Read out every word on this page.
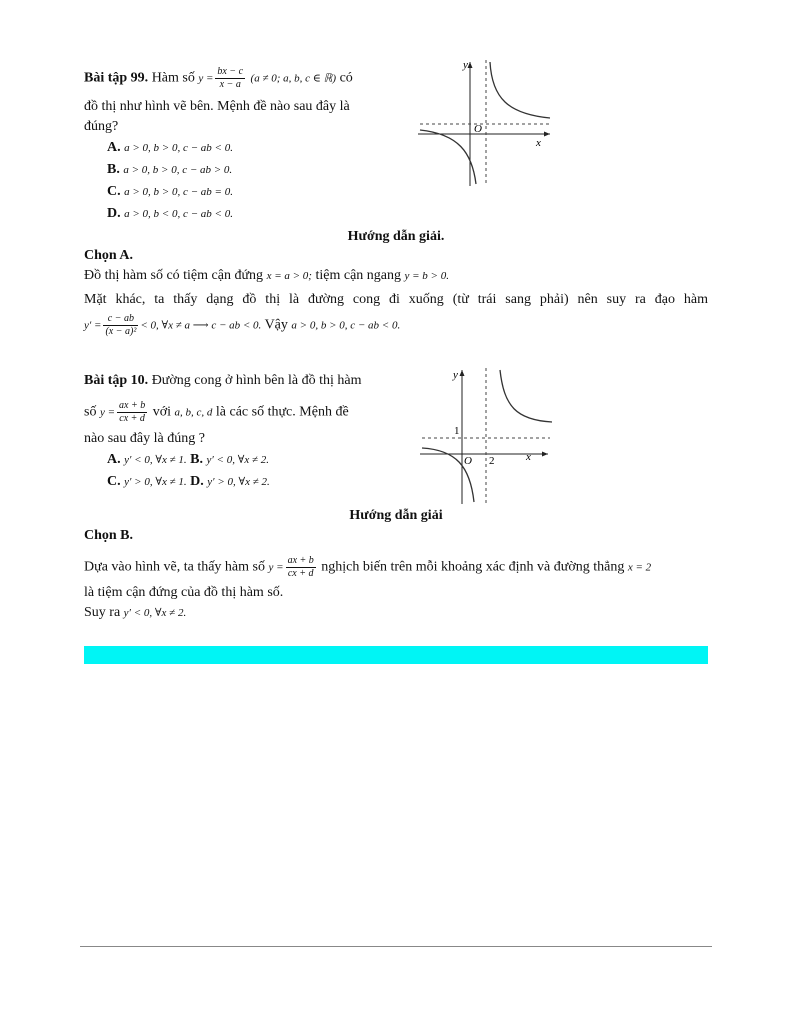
Bài tập 99. Hàm số $y = \frac{bx - c}{x - a} (a \ne 0$; a, b, c ∈ ℝ) có
đồ thị như hình vẽ bên. Mệnh đề nào sau đây là
đúng?
A. a > 0, b > 0, c − ab < 0.
B. a > 0, b > 0, c − ab > 0.
C. a > 0, b > 0, c − ab = 0.
D. a > 0, b < 0, c − ab < 0.
y
x
O
Hướng dẫn giải.
Chọn A.
Đồ thị hàm số có tiệm cận đứng x = a > 0; tiệm cận ngang y = b > 0.
Mặt khác, ta thấy dạng đồ thị là đường cong đi xuống (từ trái sang phải) nên suy ra đạo hàm
$y' = \frac{c - ab}{\text{(x − a)²}} < 0$, ∀x ≠ a ⟶ c − ab < 0. Vậy a > 0, b > 0, c − ab < 0.
Bài tập 10. Đường cong ở hình bên là đồ thị hàm
số $y = \frac{ax + b}{cx + d}$ với a, b, c, d là các số thực. Mệnh đề
nào sau đây là đúng ?
A. y′ < 0, ∀x ≠ 1. B. y′ < 0, ∀x ≠ 2.
C. y′ > 0, ∀x ≠ 1. D. y′ > 0, ∀x ≠ 2.
y
x
O
1
2
Hướng dẫn giải
Chọn B.
Dựa vào hình vẽ, ta thấy hàm số $y = \frac{ax + b}{cx + d}$ nghịch biến trên mỗi khoảng xác định và đường thẳng x = 2
là tiệm cận đứng của đồ thị hàm số.
Suy ra y′ < 0, ∀x ≠ 2.
